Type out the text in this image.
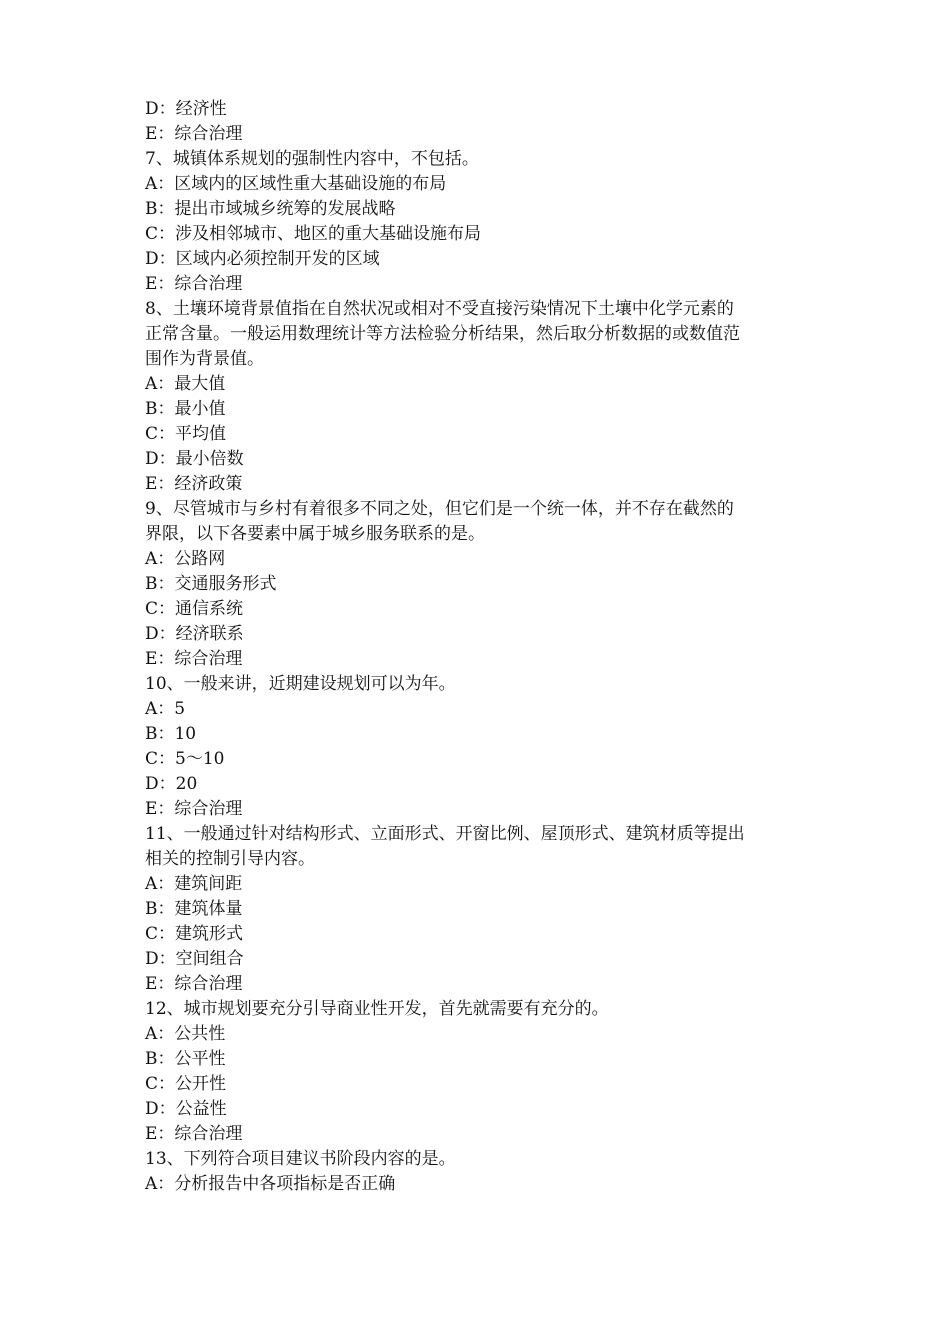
D：经济性

E：综合治理

7、城镇体系规划的强制性内容中，不包括。

A：区域内的区域性重大基础设施的布局

B：提出市域城乡统筹的发展战略

C：涉及相邻城市、地区的重大基础设施布局

D：区域内必须控制开发的区域

E：综合治理

8、土壤环境背景值指在自然状况或相对不受直接污染情况下土壤中化学元素的

正常含量。一般运用数理统计等方法检验分析结果，然后取分析数据的或数值范

围作为背景值。

A：最大值

B：最小值

C：平均值

D：最小倍数

E：经济政策

9、尽管城市与乡村有着很多不同之处，但它们是一个统一体，并不存在截然的

界限，以下各要素中属于城乡服务联系的是。

A：公路网

B：交通服务形式

C：通信系统

D：经济联系

E：综合治理

10、一般来讲，近期建设规划可以为年。

A：5

B：10

C：5～10

D：20

E：综合治理

11、一般通过针对结构形式、立面形式、开窗比例、屋顶形式、建筑材质等提出

相关的控制引导内容。

A：建筑间距

B：建筑体量

C：建筑形式

D：空间组合

E：综合治理

12、城市规划要充分引导商业性开发，首先就需要有充分的。

A：公共性

B：公平性

C：公开性

D：公益性

E：综合治理

13、下列符合项目建议书阶段内容的是。

A：分析报告中各项指标是否正确
